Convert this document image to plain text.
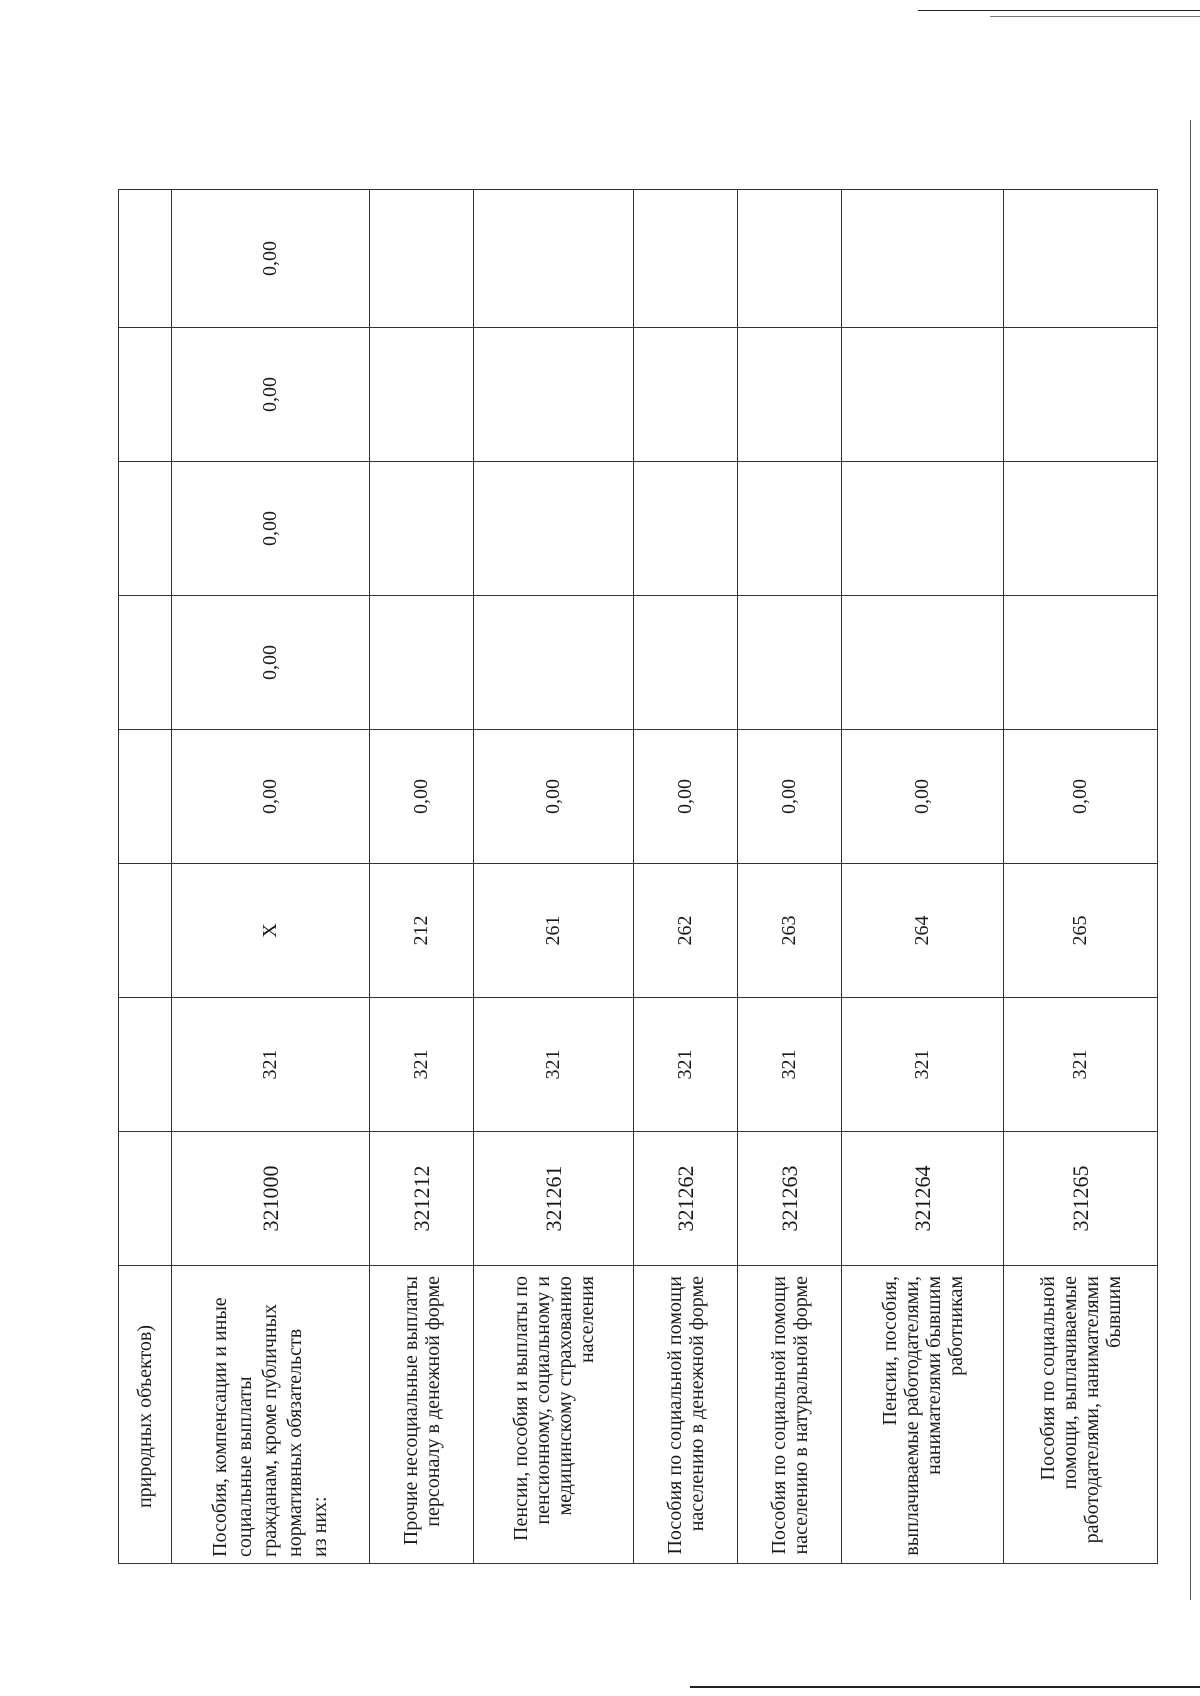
природных объектов)								
Пособия, компенсации и иные социальные выплаты гражданам, кроме публичных нормативных обязательств
из них:	321000	321	X	0,00	0,00	0,00	0,00	0,00
Прочие несоциальные выплаты персоналу в денежной форме	321212	321	212	0,00				
Пенсии, пособия и выплаты по пенсионному, социальному и медицинскому страхованию населения	321261	321	261	0,00				
Пособия по социальной помощи населению в денежной форме	321262	321	262	0,00				
Пособия по социальной помощи населению в натуральной форме	321263	321	263	0,00				
Пенсии, пособия, выплачиваемые работодателями, нанимателями бывшим работникам	321264	321	264	0,00				
Пособия по социальной помощи, выплачиваемые работодателями, нанимателями бывшим	321265	321	265	0,00				
